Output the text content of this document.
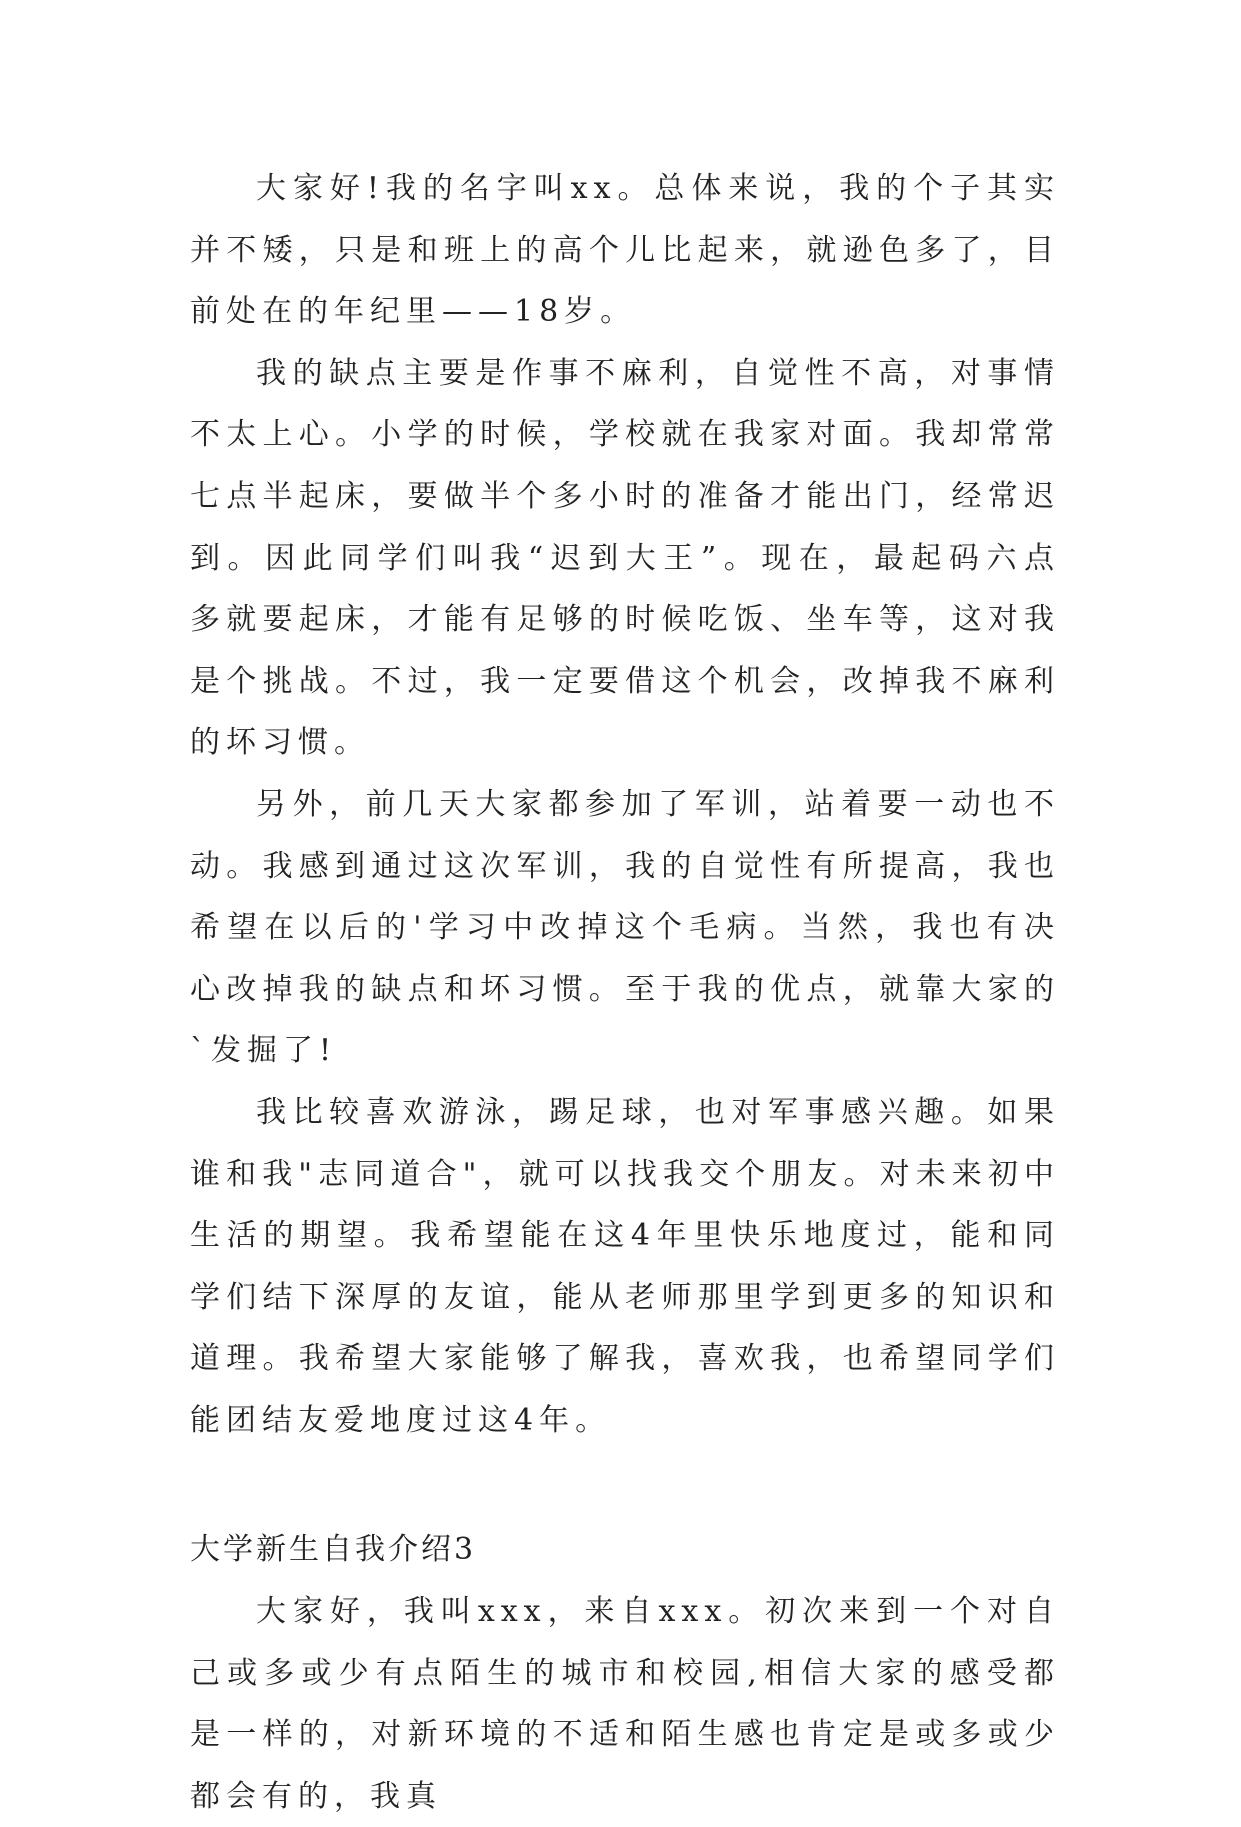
大家好!我的名字叫xx。总体来说，我的个子其实并不矮，只是和班上的高个儿比起来，就逊色多了，目前处在的年纪里——18岁。

我的缺点主要是作事不麻利，自觉性不高，对事情不太上心。小学的时候，学校就在我家对面。我却常常七点半起床，要做半个多小时的准备才能出门，经常迟到。因此同学们叫我“迟到大王”。现在，最起码六点多就要起床，才能有足够的时候吃饭、坐车等，这对我是个挑战。不过，我一定要借这个机会，改掉我不麻利的坏习惯。

另外，前几天大家都参加了军训，站着要一动也不动。我感到通过这次军训，我的自觉性有所提高，我也希望在以后的'学习中改掉这个毛病。当然，我也有决心改掉我的缺点和坏习惯。至于我的优点，就靠大家的`发掘了!

我比较喜欢游泳，踢足球，也对军事感兴趣。如果谁和我"志同道合"，就可以找我交个朋友。对未来初中生活的期望。我希望能在这4年里快乐地度过，能和同学们结下深厚的友谊，能从老师那里学到更多的知识和道理。我希望大家能够了解我，喜欢我，也希望同学们能团结友爱地度过这4年。

大学新生自我介绍3

大家好，我叫xxx，来自xxx。初次来到一个对自己或多或少有点陌生的城市和校园,相信大家的感受都是一样的，对新环境的不适和陌生感也肯定是或多或少都会有的，我真
